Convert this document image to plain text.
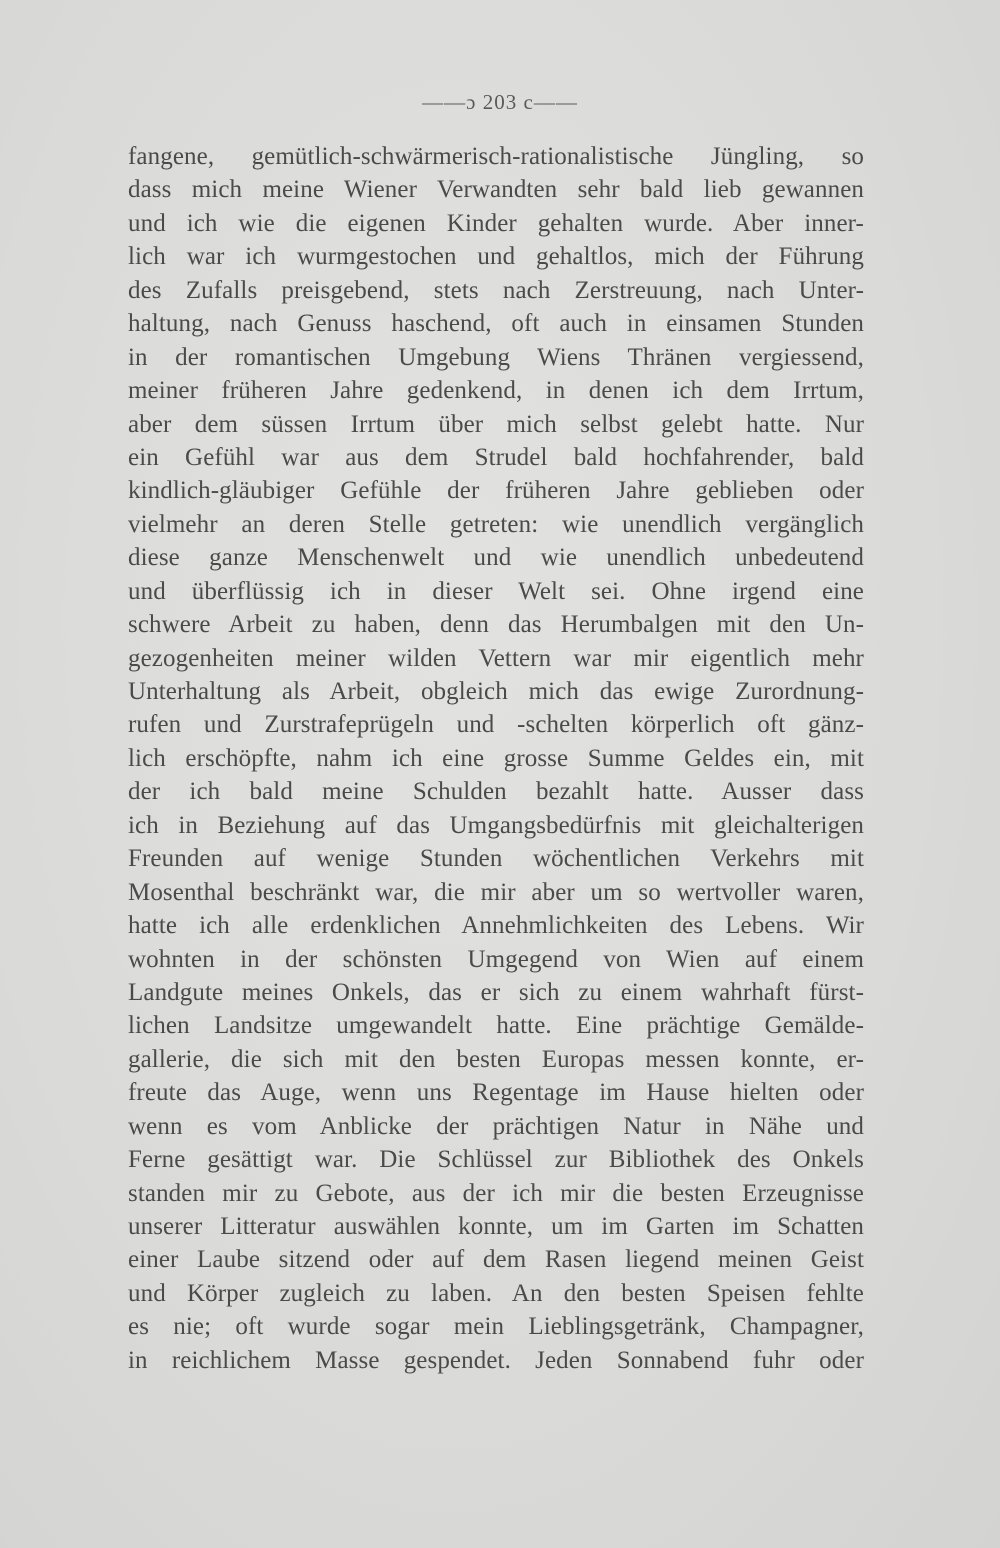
——ɔ 203 c——
fangene, gemütlich-schwärmerisch-rationalistische Jüngling, so
dass mich meine Wiener Verwandten sehr bald lieb gewannen
und ich wie die eigenen Kinder gehalten wurde. Aber inner-
lich war ich wurmgestochen und gehaltlos, mich der Führung
des Zufalls preisgebend, stets nach Zerstreuung, nach Unter-
haltung, nach Genuss haschend, oft auch in einsamen Stunden
in der romantischen Umgebung Wiens Thränen vergiessend,
meiner früheren Jahre gedenkend, in denen ich dem Irrtum,
aber dem süssen Irrtum über mich selbst gelebt hatte. Nur
ein Gefühl war aus dem Strudel bald hochfahrender, bald
kindlich-gläubiger Gefühle der früheren Jahre geblieben oder
vielmehr an deren Stelle getreten: wie unendlich vergänglich
diese ganze Menschenwelt und wie unendlich unbedeutend
und überflüssig ich in dieser Welt sei. Ohne irgend eine
schwere Arbeit zu haben, denn das Herumbalgen mit den Un-
gezogenheiten meiner wilden Vettern war mir eigentlich mehr
Unterhaltung als Arbeit, obgleich mich das ewige Zurordnung-
rufen und Zurstrafeprügeln und -schelten körperlich oft gänz-
lich erschöpfte, nahm ich eine grosse Summe Geldes ein, mit
der ich bald meine Schulden bezahlt hatte. Ausser dass
ich in Beziehung auf das Umgangsbedürfnis mit gleichalterigen
Freunden auf wenige Stunden wöchentlichen Verkehrs mit
Mosenthal beschränkt war, die mir aber um so wertvoller waren,
hatte ich alle erdenklichen Annehmlichkeiten des Lebens. Wir
wohnten in der schönsten Umgegend von Wien auf einem
Landgute meines Onkels, das er sich zu einem wahrhaft fürst-
lichen Landsitze umgewandelt hatte. Eine prächtige Gemälde-
gallerie, die sich mit den besten Europas messen konnte, er-
freute das Auge, wenn uns Regentage im Hause hielten oder
wenn es vom Anblicke der prächtigen Natur in Nähe und
Ferne gesättigt war. Die Schlüssel zur Bibliothek des Onkels
standen mir zu Gebote, aus der ich mir die besten Erzeugnisse
unserer Litteratur auswählen konnte, um im Garten im Schatten
einer Laube sitzend oder auf dem Rasen liegend meinen Geist
und Körper zugleich zu laben. An den besten Speisen fehlte
es nie; oft wurde sogar mein Lieblingsgetränk, Champagner,
in reichlichem Masse gespendet. Jeden Sonnabend fuhr oder
